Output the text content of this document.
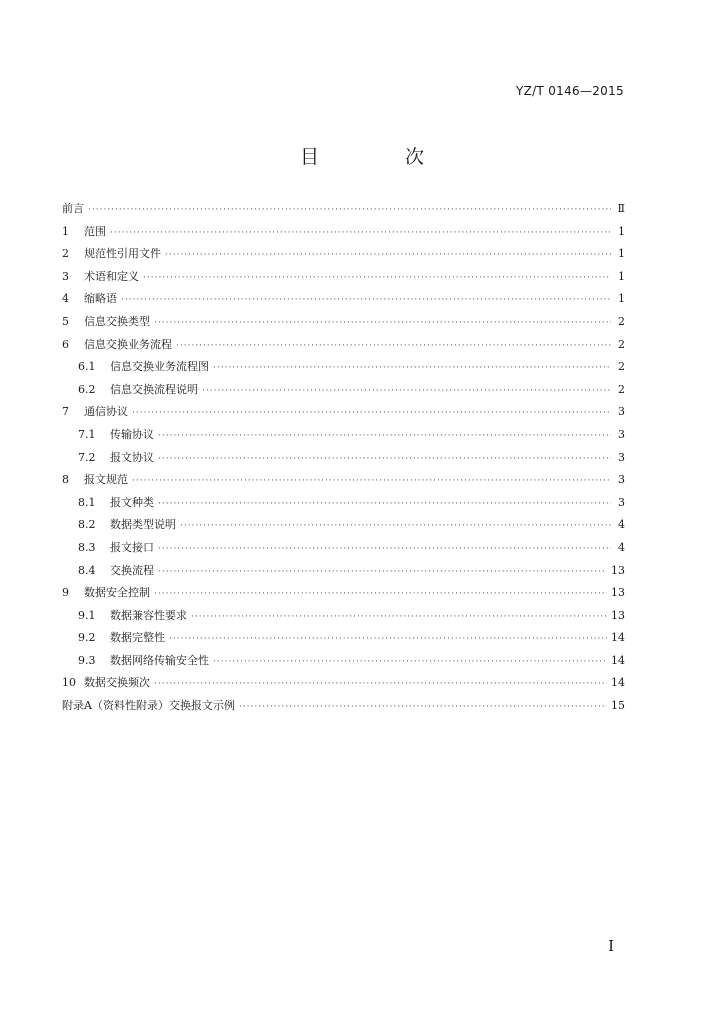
YZ/T 0146—2015
目 次
前言 ·····	Ⅱ
1 范围 ·····	1
2 规范性引用文件 ·····	1
3 术语和定义 ·····	1
4 缩略语 ·····	1
5 信息交换类型 ·····	2
6 信息交换业务流程 ·····	2
6.1 信息交换业务流程图 ·····	2
6.2 信息交换流程说明 ·····	2
7 通信协议 ·····	3
7.1 传输协议 ·····	3
7.2 报文协议 ·····	3
8 报文规范 ·····	3
8.1 报文种类 ·····	3
8.2 数据类型说明 ·····	4
8.3 报文接口 ·····	4
8.4 交换流程 ·····	13
9 数据安全控制 ·····	13
9.1 数据兼容性要求 ·····	13
9.2 数据完整性 ·····	14
9.3 数据网络传输安全性 ·····	14
10 数据交换频次 ·····	14
附录A（资料性附录）交换报文示例 ·····	15
I
